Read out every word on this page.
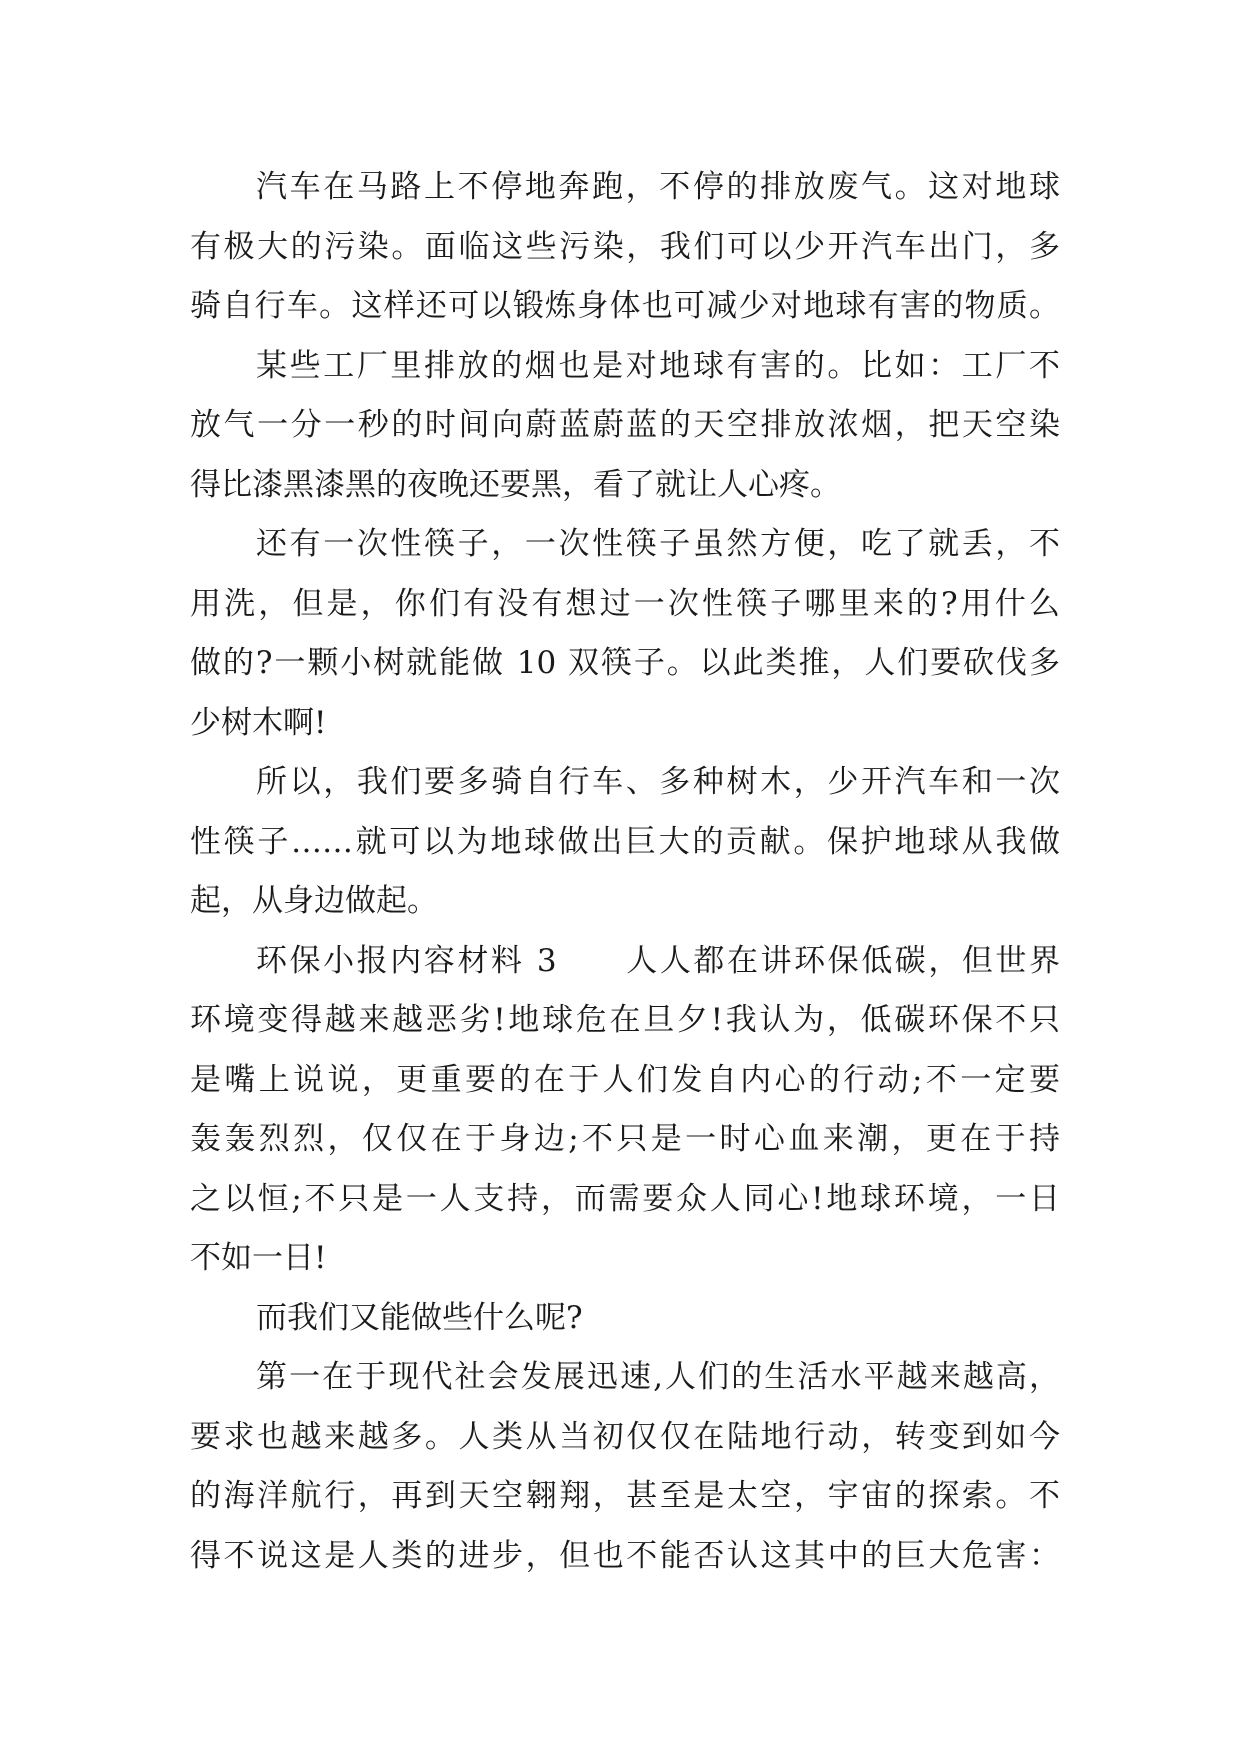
汽车在马路上不停地奔跑，不停的排放废气。这对地球
有极大的污染。面临这些污染，我们可以少开汽车出门，多
骑自行车。这样还可以锻炼身体也可减少对地球有害的物质。
某些工厂里排放的烟也是对地球有害的。比如：工厂不
放气一分一秒的时间向蔚蓝蔚蓝的天空排放浓烟，把天空染
得比漆黑漆黑的夜晚还要黑，看了就让人心疼。
还有一次性筷子，一次性筷子虽然方便，吃了就丢，不
用洗，但是，你们有没有想过一次性筷子哪里来的?用什么
做的?一颗小树就能做 10 双筷子。以此类推，人们要砍伐多
少树木啊!
所以，我们要多骑自行车、多种树木，少开汽车和一次
性筷子……就可以为地球做出巨大的贡献。保护地球从我做
起，从身边做起。
环保小报内容材料 3　　人人都在讲环保低碳，但世界
环境变得越来越恶劣!地球危在旦夕!我认为，低碳环保不只
是嘴上说说，更重要的在于人们发自内心的行动;不一定要
轰轰烈烈，仅仅在于身边;不只是一时心血来潮，更在于持
之以恒;不只是一人支持，而需要众人同心!地球环境，一日
不如一日!
而我们又能做些什么呢?
第一在于现代社会发展迅速,人们的生活水平越来越高，
要求也越来越多。人类从当初仅仅在陆地行动，转变到如今
的海洋航行，再到天空翱翔，甚至是太空，宇宙的探索。不
得不说这是人类的进步，但也不能否认这其中的巨大危害：
